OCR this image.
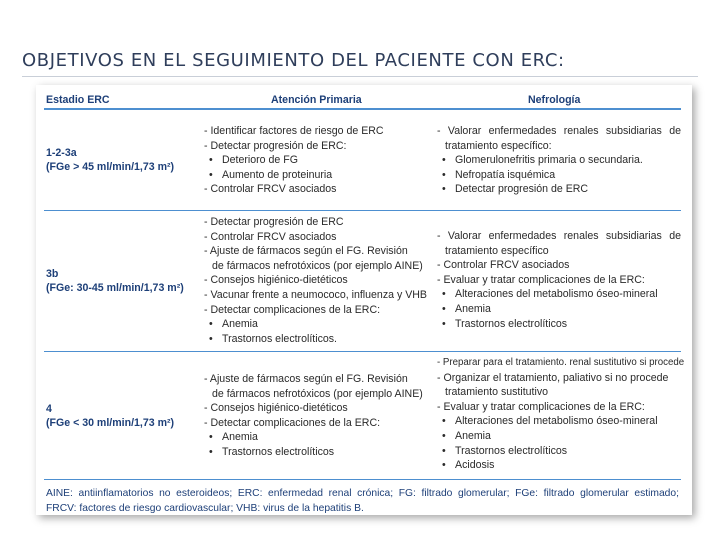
OBJETIVOS EN EL SEGUIMIENTO DEL PACIENTE CON ERC:
Estadio ERC	Atención Primaria	Nefrología
1-2-3a
(FGe > 45 ml/min/1,73 m²)
- Identificar factores de riesgo de ERC
- Detectar progresión de ERC:
• Deterioro de FG
• Aumento de proteinuria
- Controlar FRCV asociados
- Valorar enfermedades renales subsidiarias de
tratamiento específico:
• Glomerulonefritis primaria o secundaria.
• Nefropatía isquémica
• Detectar progresión de ERC
3b
(FGe: 30-45 ml/min/1,73 m²)
- Detectar progresión de ERC
- Controlar FRCV asociados
- Ajuste de fármacos según el FG. Revisión
de fármacos nefrotóxicos (por ejemplo AINE)
- Consejos higiénico-dietéticos
- Vacunar frente a neumococo, influenza y VHB
- Detectar complicaciones de la ERC:
• Anemia
• Trastornos electrolíticos.
- Valorar enfermedades renales subsidiarias de
tratamiento específico
- Controlar FRCV asociados
- Evaluar y tratar complicaciones de la ERC:
• Alteraciones del metabolismo óseo-mineral
• Anemia
• Trastornos electrolíticos
4
(FGe < 30 ml/min/1,73 m²)
- Ajuste de fármacos según el FG. Revisión
de fármacos nefrotóxicos (por ejemplo AINE)
- Consejos higiénico-dietéticos
- Detectar complicaciones de la ERC:
• Anemia
• Trastornos electrolíticos
- Preparar para el tratamiento. renal sustitutivo si procede
- Organizar el tratamiento, paliativo si no procede
tratamiento sustitutivo
- Evaluar y tratar complicaciones de la ERC:
• Alteraciones del metabolismo óseo-mineral
• Anemia
• Trastornos electrolíticos
• Acidosis
AINE: antiinflamatorios no esteroideos; ERC: enfermedad renal crónica; FG: filtrado glomerular; FGe: filtrado glomerular estimado;
FRCV: factores de riesgo cardiovascular; VHB: virus de la hepatitis B.
